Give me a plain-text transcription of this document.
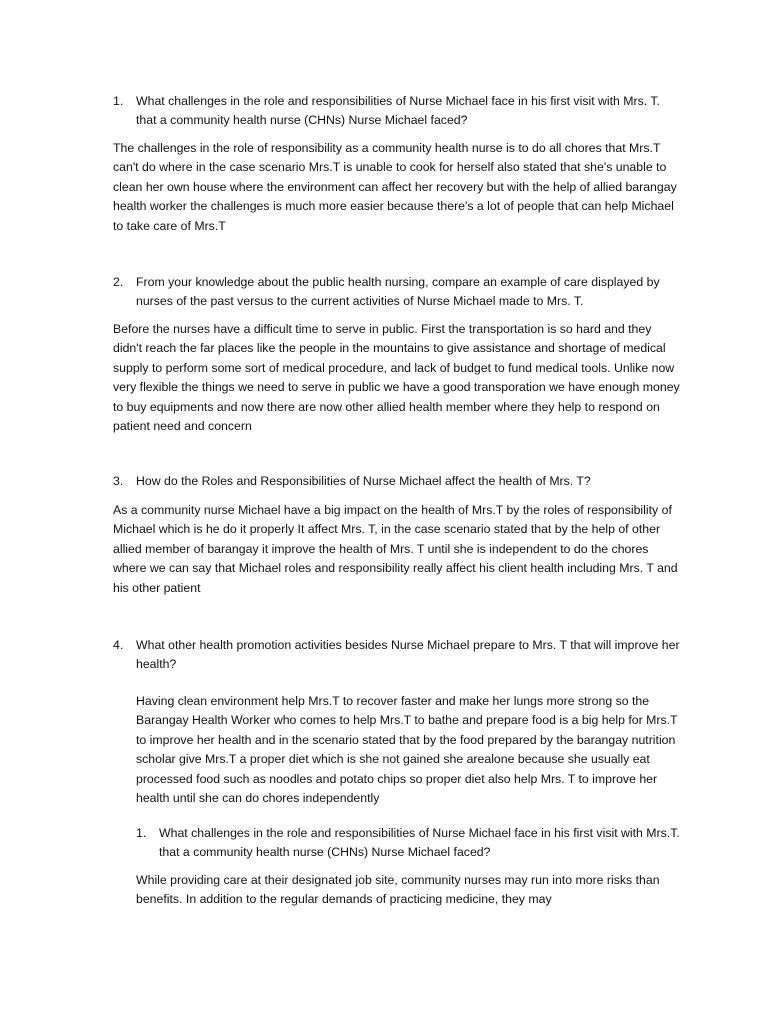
1.	What challenges in the role and responsibilities of Nurse Michael face in his first visit with Mrs. T. that a community health nurse (CHNs) Nurse Michael faced?
The challenges in the role of responsibility as a community health nurse is to do all chores that Mrs.T can't do where in the case scenario Mrs.T is unable to cook for herself also stated that she's unable to clean her own house where the environment can affect her recovery but with the help of allied barangay health worker the challenges is much more easier because there's a lot of people that can help Michael to take care of Mrs.T
2.	From your knowledge about the public health nursing, compare an example of care displayed by nurses of the past versus to the current activities of Nurse Michael made to Mrs. T.
Before the nurses have a difficult time to serve in public. First the transportation is so hard and they didn't reach the far places like the people in the mountains to give assistance and shortage of medical supply to perform some sort of medical procedure, and lack of budget to fund medical tools. Unlike now very flexible the things we need to serve in public we have a good transporation we have enough money to buy equipments and now there are now other allied health member where they help to respond on patient need and concern
3.	How do the Roles and Responsibilities of Nurse Michael affect the health of Mrs. T?
As a community nurse Michael have a big impact on the health of Mrs.T by the roles of responsibility of Michael which is he do it properly It affect Mrs. T, in the case scenario stated that by the help of other allied member of barangay it improve the health of Mrs. T until she is independent to do the chores where we can say that Michael roles and responsibility really affect his client health including Mrs. T and his other patient
4.	What other health promotion activities besides Nurse Michael prepare to Mrs. T that will improve her health?
Having clean environment help Mrs.T to recover faster and make her lungs more strong so the Barangay Health Worker who comes to help Mrs.T to bathe and prepare food is a big help for Mrs.T to improve her health and in the scenario stated that by the food prepared by the barangay nutrition scholar give Mrs.T a proper diet which is she not gained she arealone because she usually eat processed food such as noodles and potato chips so proper diet also help Mrs. T to improve her health until she can do chores independently
1.	What challenges in the role and responsibilities of Nurse Michael face in his first visit with Mrs.T. that a community health nurse (CHNs) Nurse Michael faced?
While providing care at their designated job site, community nurses may run into more risks than benefits. In addition to the regular demands of practicing medicine, they may
